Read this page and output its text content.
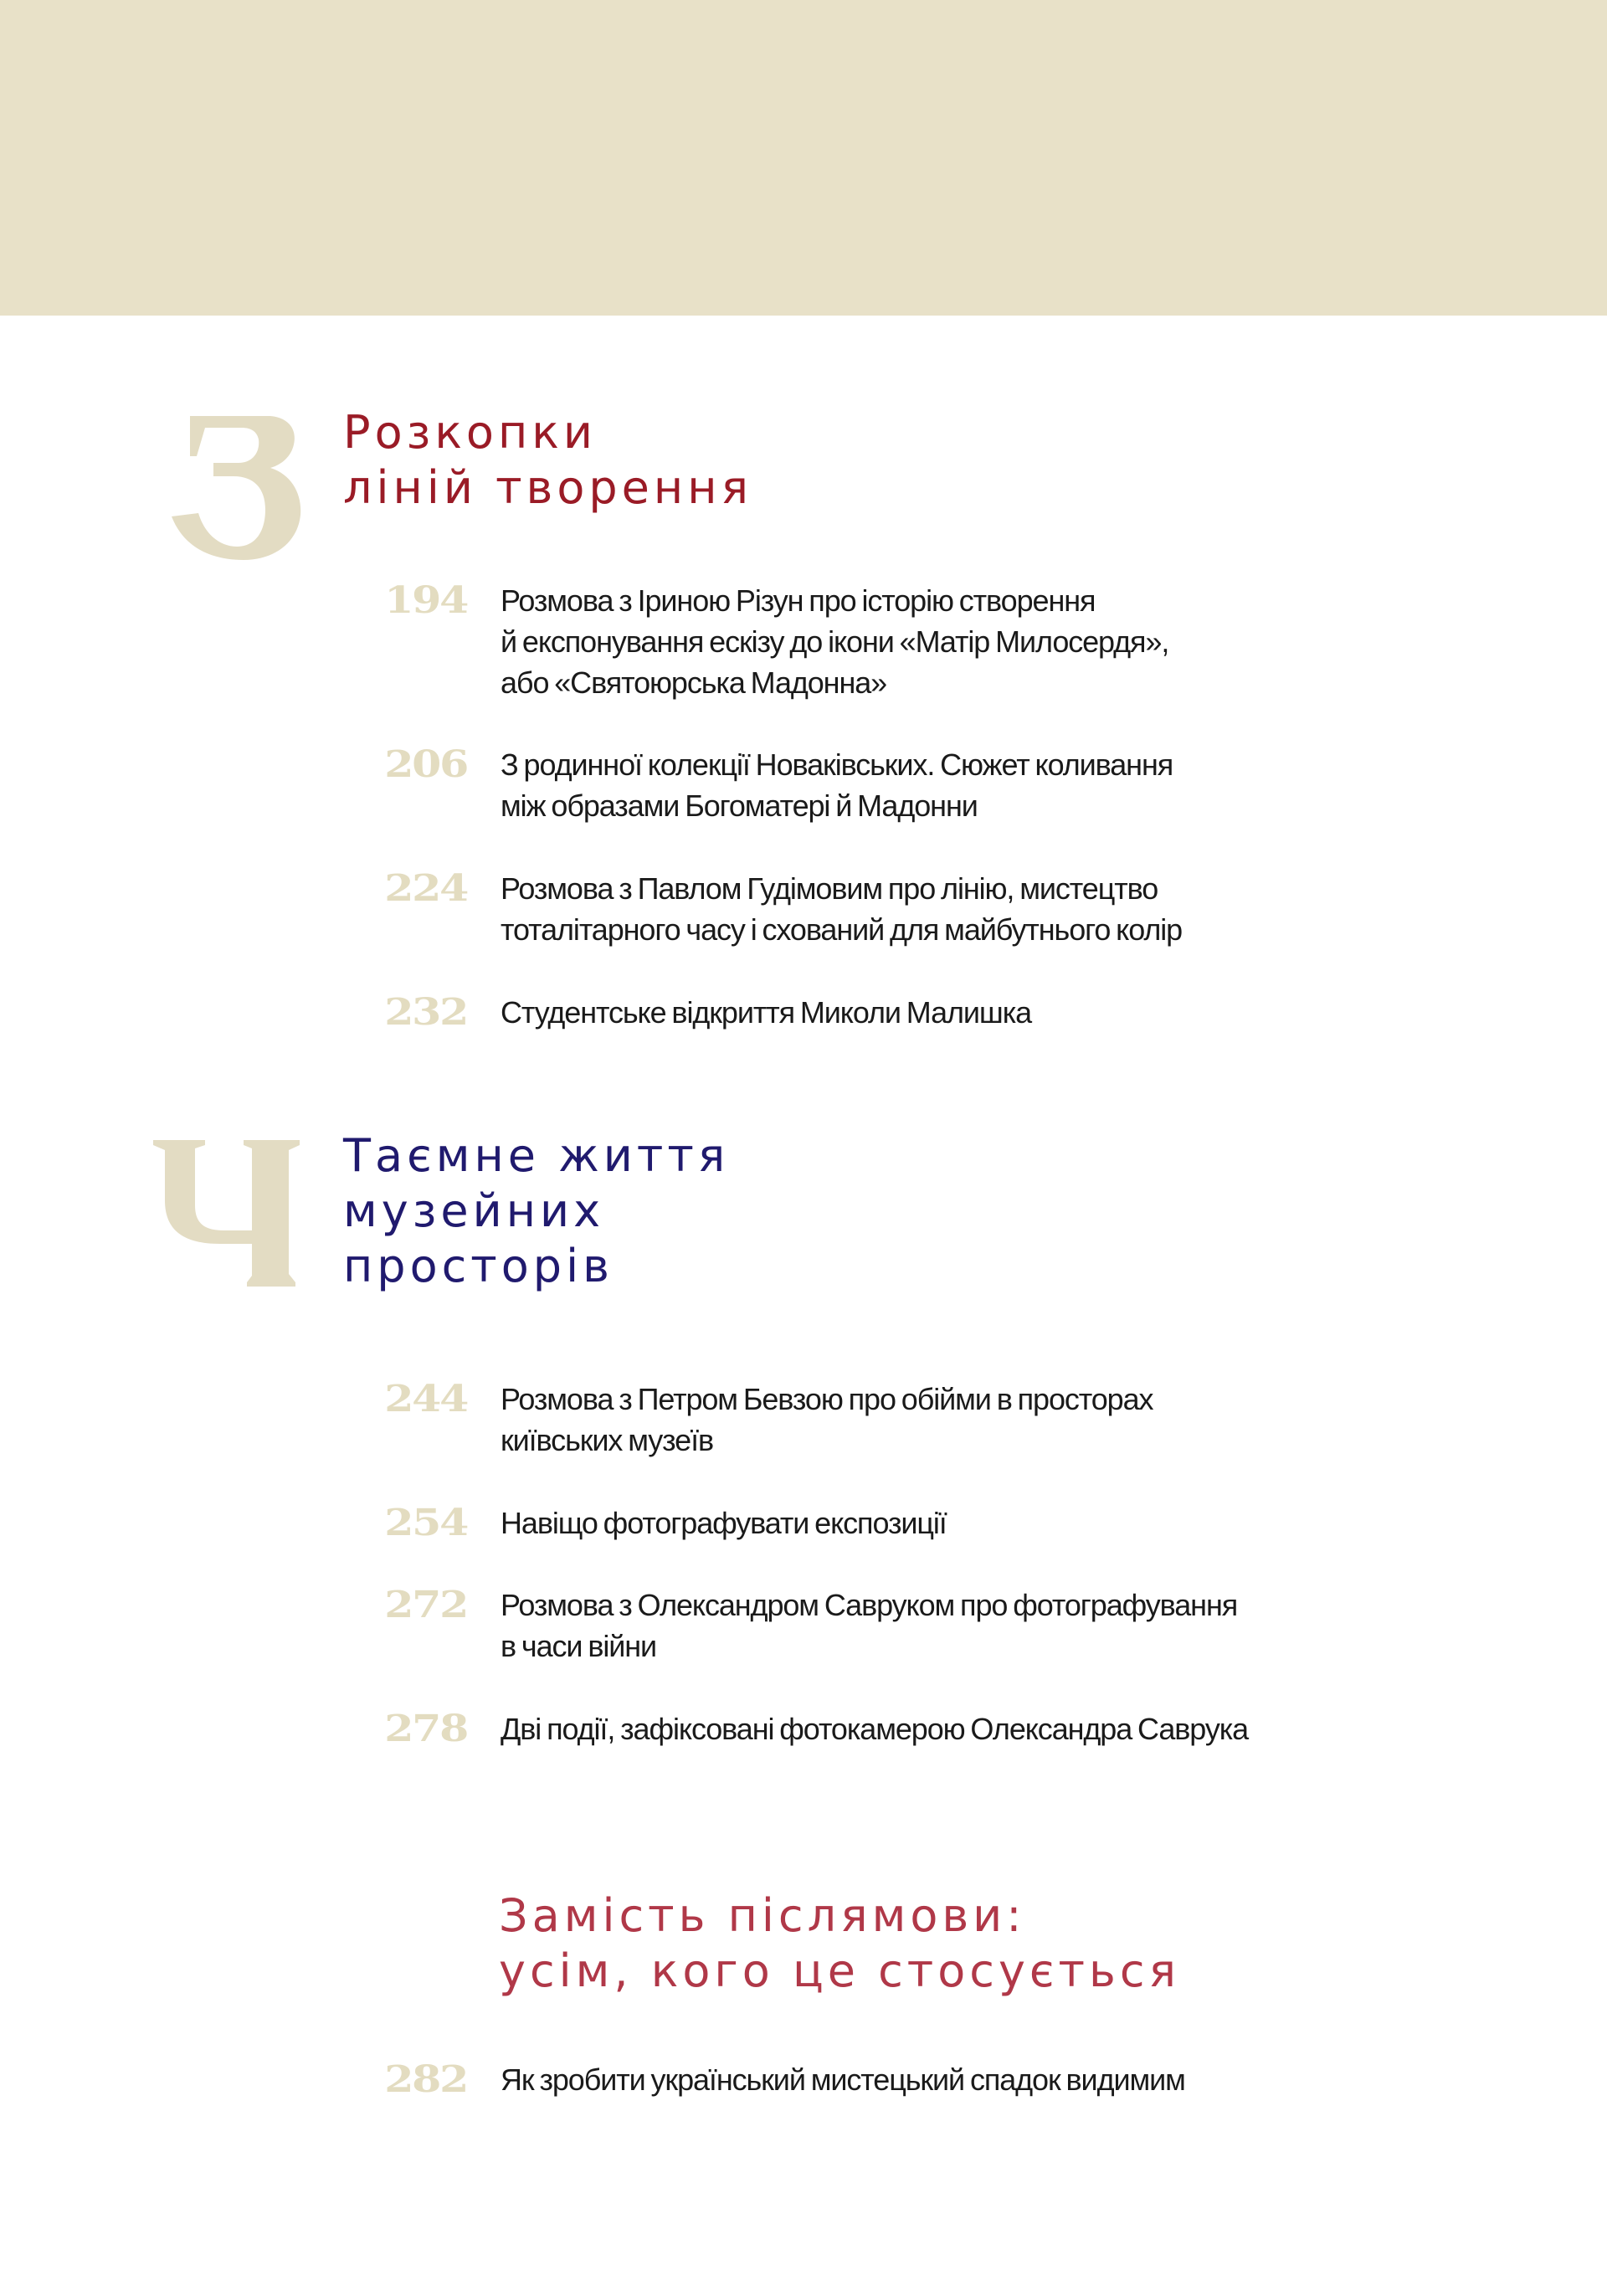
Розкопки
ліній творення
194 Розмова з Іриною Різун про історію створення
й експонування ескізу до ікони «Матір Милосердя»,
або «Святоюрська Мадонна»
206 З родинної колекції Новаківських. Сюжет коливання
між образами Богоматері й Мадонни
224 Розмова з Павлом Гудімовим про лінію, мистецтво
тоталітарного часу і схований для майбутнього колір
232 Студентське відкриття Миколи Малишка
Таємне життя
музейних
просторів
244 Розмова з Петром Бевзою про обійми в просторах
київських музеїв
254 Навіщо фотографувати експозиції
272 Розмова з Олександром Савруком про фотографування
в часи війни
278 Дві події, зафіксовані фотокамерою Олександра Саврука
Замість післямови:
усім, кого це стосується
282 Як зробити український мистецький спадок видимим
